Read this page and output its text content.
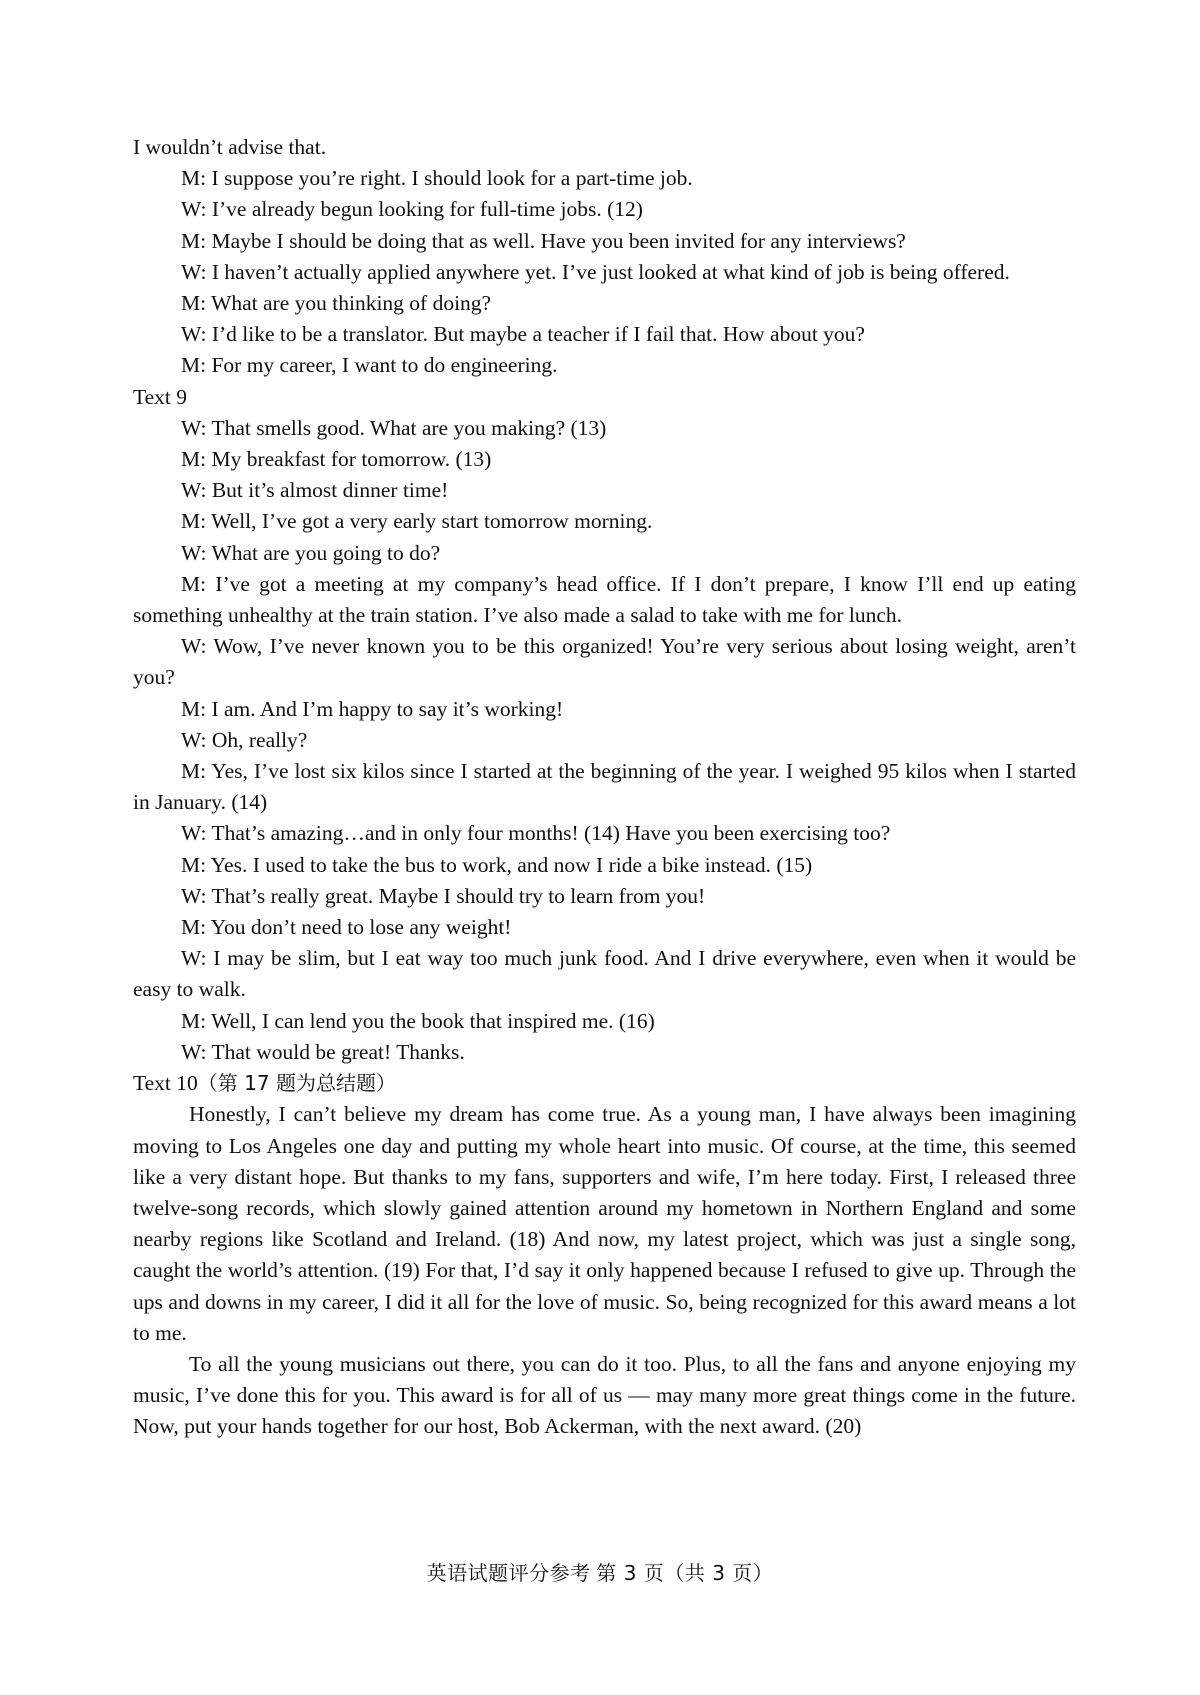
I wouldn’t advise that.

M: I suppose you’re right. I should look for a part-time job.

W: I’ve already begun looking for full-time jobs. (12)

M: Maybe I should be doing that as well. Have you been invited for any interviews?

W: I haven’t actually applied anywhere yet. I’ve just looked at what kind of job is being offered.

M: What are you thinking of doing?

W: I’d like to be a translator. But maybe a teacher if I fail that. How about you?

M: For my career, I want to do engineering.

Text 9

W: That smells good. What are you making? (13)

M: My breakfast for tomorrow. (13)

W: But it’s almost dinner time!

M: Well, I’ve got a very early start tomorrow morning.

W: What are you going to do?

M: I’ve got a meeting at my company’s head office. If I don’t prepare, I know I’ll end up eating something unhealthy at the train station. I’ve also made a salad to take with me for lunch.

W: Wow, I’ve never known you to be this organized! You’re very serious about losing weight, aren’t you?

M: I am. And I’m happy to say it’s working!

W: Oh, really?

M: Yes, I’ve lost six kilos since I started at the beginning of the year. I weighed 95 kilos when I started in January. (14)

W: That’s amazing…and in only four months! (14) Have you been exercising too?

M: Yes. I used to take the bus to work, and now I ride a bike instead. (15)

W: That’s really great. Maybe I should try to learn from you!

M: You don’t need to lose any weight!

W: I may be slim, but I eat way too much junk food. And I drive everywhere, even when it would be easy to walk.

M: Well, I can lend you the book that inspired me. (16)

W: That would be great! Thanks.

Text 10（第 17 题为总结题）

Honestly, I can’t believe my dream has come true. As a young man, I have always been imagining moving to Los Angeles one day and putting my whole heart into music. Of course, at the time, this seemed like a very distant hope. But thanks to my fans, supporters and wife, I’m here today. First, I released three twelve-song records, which slowly gained attention around my hometown in Northern England and some nearby regions like Scotland and Ireland. (18) And now, my latest project, which was just a single song, caught the world’s attention. (19) For that, I’d say it only happened because I refused to give up. Through the ups and downs in my career, I did it all for the love of music. So, being recognized for this award means a lot to me.

To all the young musicians out there, you can do it too. Plus, to all the fans and anyone enjoying my music, I’ve done this for you. This award is for all of us — may many more great things come in the future. Now, put your hands together for our host, Bob Ackerman, with the next award. (20)

英语试题评分参考 第 3 页（共 3 页）
